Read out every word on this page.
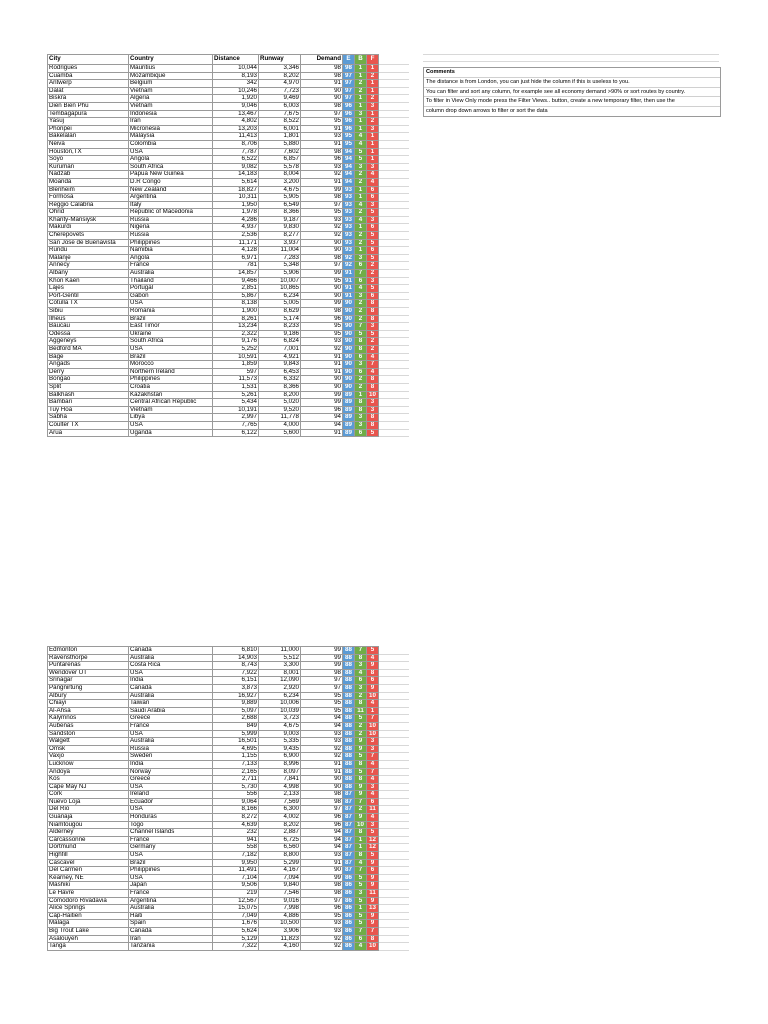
City	Country	Distance	Runway	Demand	E	B	F	
Rodrigues	Mauritius	10,044	3,346	98	98	1	1	
Cuamba	Mozambique	8,193	8,202	98	97	1	2	
Antwerp	Belgium	342	4,970	91	97	2	1	
Dalat	Vietnam	10,246	7,723	90	97	2	1	
Biskra	Algeria	1,920	9,469	90	97	1	2	
Dien Bien Phu	Vietnam	9,046	6,003	98	96	1	3	
Tembagapura	Indonesia	13,467	7,675	97	96	3	1	
Yasuj	Iran	4,802	8,522	95	96	1	2	
Phonpei	Micronesia	13,203	6,001	91	96	1	3	
Bakelalan	Malaysia	11,413	1,801	93	95	4	1	
Neiva	Colombia	8,706	5,880	91	95	4	1	
Houston,TX	USA	7,787	7,602	98	94	5	1	
Soyo	Angola	6,522	6,857	96	94	5	1	
Kuruman	South Africa	9,082	5,578	93	94	3	3	
Nadzab	Papua New Guinea	14,183	8,004	92	94	2	4	
Moanda	D.R Congo	5,614	3,200	91	94	2	4	
Blenheim	New Zealand	18,827	4,675	99	93	1	6	
Formosa	Argentina	10,311	5,905	98	93	1	6	
Reggio Calabria	Italy	1,950	6,549	97	93	4	3	
Ohrid	Republic of Macedonia	1,978	8,366	95	93	2	5	
Khanty-Mansiysk	Russia	4,286	9,187	93	93	4	3	
Makurdi	Nigeria	4,937	9,830	92	93	1	6	
Cherepovets	Russia	2,536	8,277	92	93	2	5	
San Jose de Buenavista	Philippines	11,171	3,937	90	93	2	5	
Rundu	Namibia	4,128	11,004	90	93	1	6	
Malanje	Angola	6,971	7,283	98	92	3	5	
Annecy	France	781	5,348	97	92	6	2	
Albany	Australia	14,857	5,906	99	91	7	2	
Khon Kaen	Thailand	9,466	10,007	95	91	6	3	
Lajes	Portugal	2,851	10,865	90	91	4	5	
Port-Gentil	Gabon	5,867	6,234	90	91	3	6	
Cotulla TX	USA	8,138	5,005	99	90	2	8	
Sibiu	Romania	1,900	8,629	98	90	2	8	
Ilheus	Brazil	8,261	5,174	96	90	2	8	
Baucau	East Timor	13,234	8,233	95	90	7	3	
Odessa	Ukraine	2,322	9,186	95	90	5	5	
Aggeneys	South Africa	9,176	6,824	93	90	8	2	
Bedford MA	USA	5,252	7,001	92	90	8	2	
Bage	Brazil	10,591	4,921	91	90	6	4	
Angads	Morocco	1,859	9,843	91	90	3	7	
Derry	Northern Ireland	597	6,453	91	90	6	4	
Bongao	Philippines	11,573	6,332	90	90	2	8	
Split	Croatia	1,531	8,366	90	90	2	8	
Balkhash	Kazakhstan	5,261	8,200	99	89	1	10	
Bambari	Central African Republic	5,434	5,020	99	89	8	3	
Tuy Hoa	Vietnam	10,191	9,520	96	89	8	3	
Sabha	Libya	2,997	11,778	94	89	3	8	
Coulter TX	USA	7,765	4,000	94	89	3	8	
Arua	Uganda	6,122	5,600	91	89	6	5	
Comments
The distance is from London, you can just hide the column if this is useless to you.
You can filter and sort any column, for example see all economy demand >90% or sort routes by country.
To filter in View Only mode press the Filter Views.. button, create a new temporary filter, then use the
column drop down arrows to filter or sort the data
Edmonton	Canada	6,810	11,000	99	88	7	5	
Ravensthorpe	Australia	14,903	5,512	99	88	8	4	
Puntarenas	Costa Rica	8,743	3,300	99	88	3	9	
Wendover UT	USA	7,922	8,001	98	88	4	8	
Srinagar	India	6,151	12,090	97	88	6	6	
Pangnirtung	Canada	3,873	2,920	97	88	3	9	
Albury	Australia	16,927	6,234	95	88	2	10	
Chiayi	Taiwan	9,889	10,006	95	88	8	4	
Al-Ahsa	Saudi Arabia	5,097	10,039	95	88	11	1	
Kalymnos	Greece	2,688	3,723	94	88	5	7	
Aubenas	France	849	4,675	94	88	2	10	
Sandston	USA	5,999	9,003	93	88	2	10	
Walgett	Australia	16,501	5,335	93	88	9	3	
Omsk	Russia	4,695	9,435	92	88	9	3	
Vaxjo	Sweden	1,155	6,900	92	88	5	7	
Lucknow	India	7,133	8,996	91	88	8	4	
Andoya	Norway	2,165	8,097	91	88	5	7	
Kos	Greece	2,711	7,841	90	88	8	4	
Cape May NJ	USA	5,730	4,998	90	88	9	3	
Cork	Ireland	556	2,133	98	87	9	4	
Nuevo Loja	Ecuador	9,064	7,569	98	87	7	6	
Del Rio	USA	8,166	6,300	97	87	2	11	
Guanaja	Honduras	8,272	4,002	96	87	9	4	
Niamtougou	Togo	4,639	8,202	96	87	10	3	
Alderney	Channel Islands	232	2,887	94	87	8	5	
Carcassonne	France	941	6,725	94	87	1	12	
Dortmund	Germany	558	6,560	94	87	1	12	
Highfill	USA	7,182	8,800	93	87	8	5	
Cascavel	Brazil	9,950	5,299	91	87	4	9	
Del Carmen	Philippines	11,491	4,167	90	87	7	6	
Kearney, NE	USA	7,104	7,094	99	86	5	9	
Mashiki	Japan	9,506	9,840	98	86	5	9	
Le Havre	France	219	7,546	98	86	3	11	
Comodoro Rivadavia	Argentina	12,567	9,016	97	86	5	9	
Alice Springs	Australia	15,075	7,998	96	86	1	13	
Cap-Haitien	Haiti	7,049	4,886	95	86	5	9	
Malaga	Spain	1,676	10,500	93	86	5	9	
Big Trout Lake	Canada	5,624	3,906	93	86	7	7	
Asalouyeh	Iran	5,129	11,823	92	86	6	8	
Tanga	Tanzania	7,322	4,160	92	86	4	10	
